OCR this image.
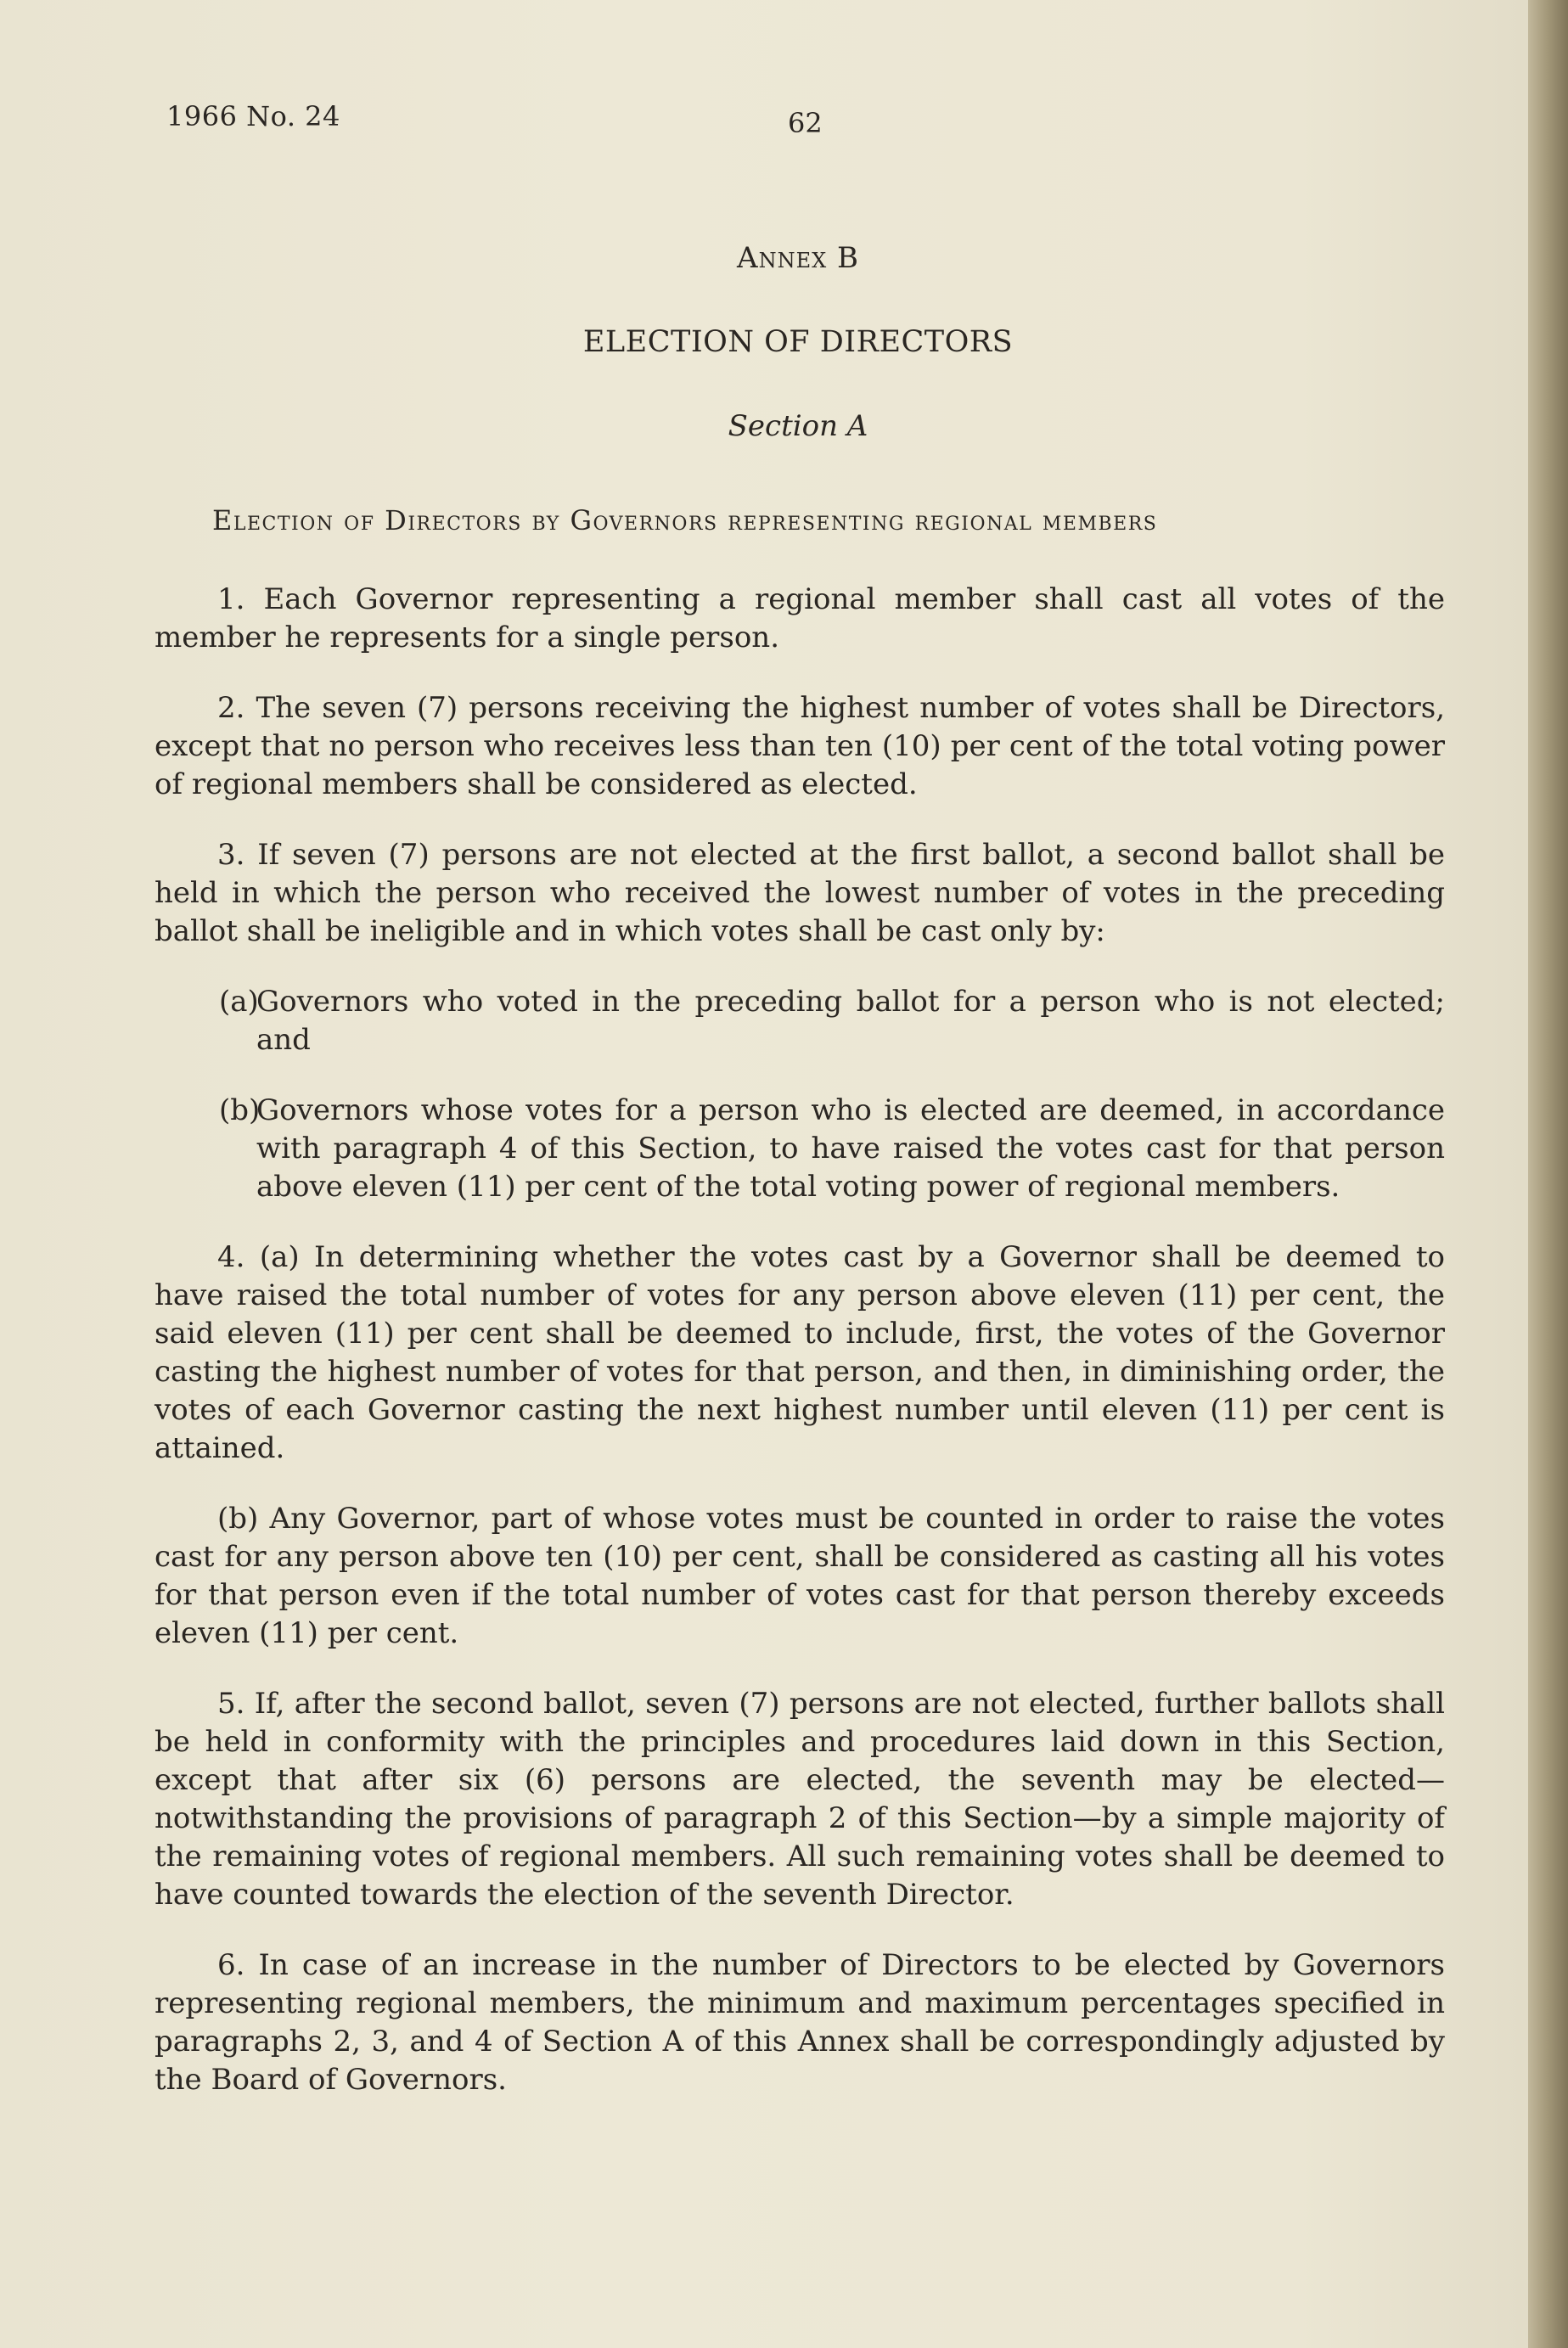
1966 No. 24	62
Annex B
ELECTION OF DIRECTORS
Section A
Election of Directors by Governors representing regional members

1. Each Governor representing a regional member shall cast all votes of the member he represents for a single person.

2. The seven (7) persons receiving the highest number of votes shall be Directors, except that no person who receives less than ten (10) per cent of the total voting power of regional members shall be considered as elected.

3. If seven (7) persons are not elected at the first ballot, a second ballot shall be held in which the person who received the lowest number of votes in the preceding ballot shall be ineligible and in which votes shall be cast only by:

(a)Governors who voted in the preceding ballot for a person who is not elected; and

(b)Governors whose votes for a person who is elected are deemed, in accordance with paragraph 4 of this Section, to have raised the votes cast for that person above eleven (11) per cent of the total voting power of regional members.

4. (a) In determining whether the votes cast by a Governor shall be deemed to have raised the total number of votes for any person above eleven (11) per cent, the said eleven (11) per cent shall be deemed to include, first, the votes of the Governor casting the highest number of votes for that person, and then, in diminishing order, the votes of each Governor casting the next highest number until eleven (11) per cent is attained.

(b) Any Governor, part of whose votes must be counted in order to raise the votes cast for any person above ten (10) per cent, shall be considered as casting all his votes for that person even if the total number of votes cast for that person thereby exceeds eleven (11) per cent.

5. If, after the second ballot, seven (7) persons are not elected, further ballots shall be held in conformity with the principles and procedures laid down in this Section, except that after six (6) persons are elected, the seventh may be elected—notwithstanding the provisions of paragraph 2 of this Section—by a simple majority of the remaining votes of regional members. All such remaining votes shall be deemed to have counted towards the election of the seventh Director.

6. In case of an increase in the number of Directors to be elected by Governors representing regional members, the minimum and maximum percentages specified in paragraphs 2, 3, and 4 of Section A of this Annex shall be correspondingly adjusted by the Board of Governors.
